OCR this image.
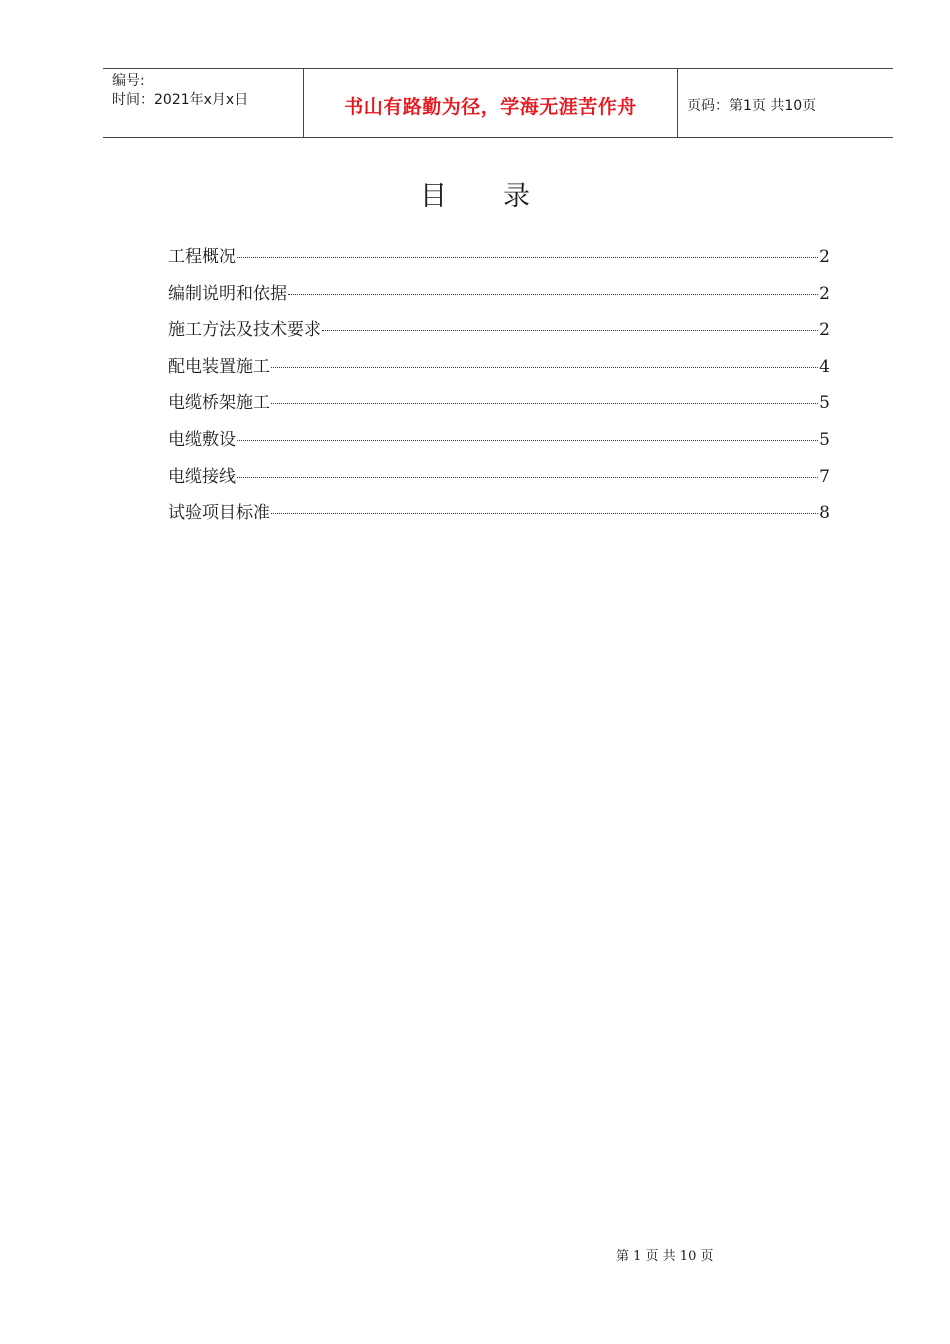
编号:
时间：2021年x月x日	书山有路勤为径，学海无涯苦作舟	页码：第1页 共10页
目录
工程概况	2
编制说明和依据	2
施工方法及技术要求	2
配电装置施工	4
电缆桥架施工	5
电缆敷设	5
电缆接线	7
试验项目标准	8
第 1 页 共 10 页
